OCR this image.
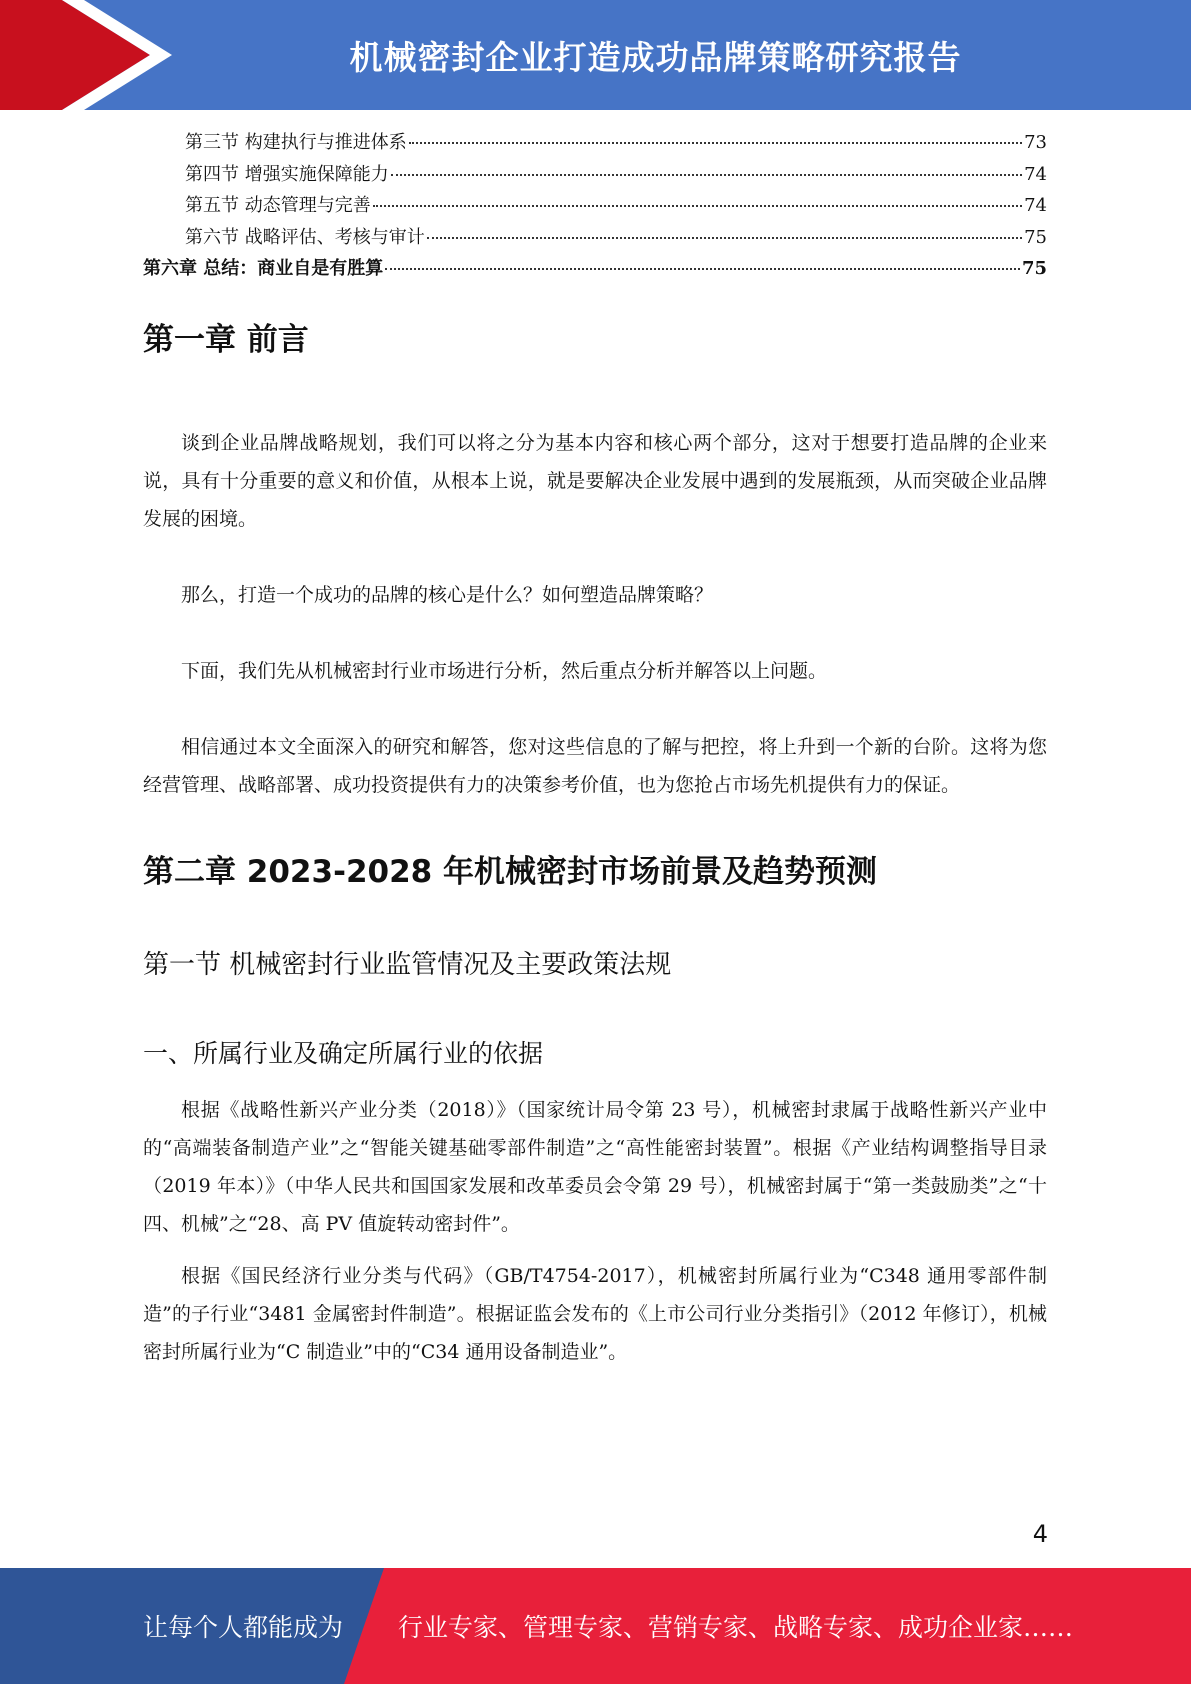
机械密封企业打造成功品牌策略研究报告
第三节 构建执行与推进体系	73
第四节 增强实施保障能力	74
第五节 动态管理与完善	74
第六节 战略评估、考核与审计	75
第六章 总结：商业自是有胜算	75
第一章 前言

谈到企业品牌战略规划，我们可以将之分为基本内容和核心两个部分，这对于想要打造品牌的企业来说，具有十分重要的意义和价值，从根本上说，就是要解决企业发展中遇到的发展瓶颈，从而突破企业品牌发展的困境。

那么，打造一个成功的品牌的核心是什么？如何塑造品牌策略？

下面，我们先从机械密封行业市场进行分析，然后重点分析并解答以上问题。

相信通过本文全面深入的研究和解答，您对这些信息的了解与把控，将上升到一个新的台阶。这将为您经营管理、战略部署、成功投资提供有力的决策参考价值，也为您抢占市场先机提供有力的保证。

第二章 2023-2028 年机械密封市场前景及趋势预测
第一节 机械密封行业监管情况及主要政策法规
一、所属行业及确定所属行业的依据

根据《战略性新兴产业分类（2018）》（国家统计局令第 23 号），机械密封隶属于战略性新兴产业中的“高端装备制造产业”之“智能关键基础零部件制造”之“高性能密封装置”。根据《产业结构调整指导目录（2019 年本）》（中华人民共和国国家发展和改革委员会令第 29 号），机械密封属于“第一类鼓励类”之“十四、机械”之“28、高 PV 值旋转动密封件”。

根据《国民经济行业分类与代码》（GB/T4754-2017），机械密封所属行业为“C348 通用零部件制造”的子行业“3481 金属密封件制造”。根据证监会发布的《上市公司行业分类指引》（2012 年修订），机械密封所属行业为“C 制造业”中的“C34 通用设备制造业”。

4
让每个人都能成为 行业专家、管理专家、营销专家、战略专家、成功企业家……
